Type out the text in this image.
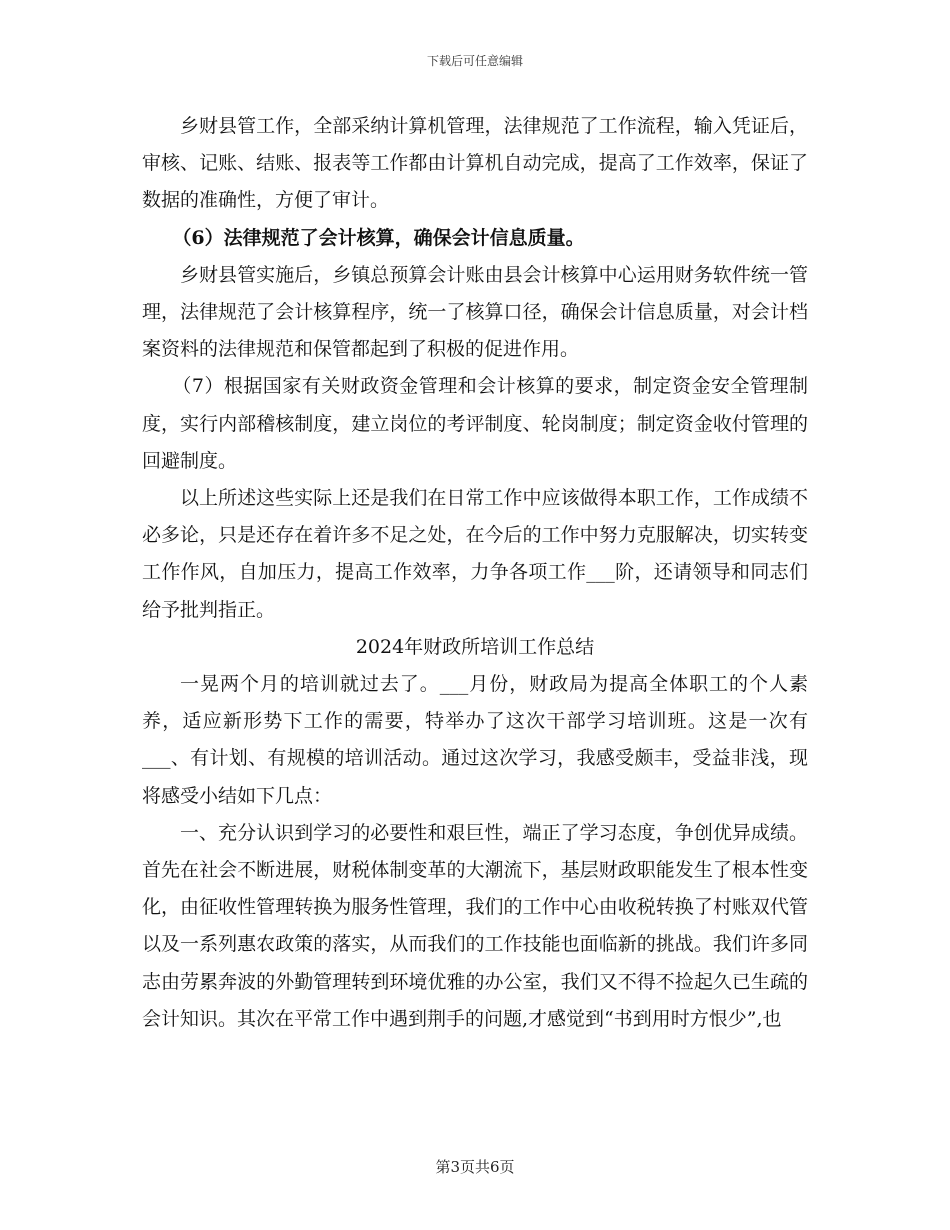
下载后可任意编辑

乡财县管工作，全部采纳计算机管理，法律规范了工作流程，输入凭证后，审核、记账、结账、报表等工作都由计算机自动完成，提高了工作效率，保证了数据的准确性，方便了审计。

（6）法律规范了会计核算，确保会计信息质量。

乡财县管实施后，乡镇总预算会计账由县会计核算中心运用财务软件统一管理，法律规范了会计核算程序，统一了核算口径，确保会计信息质量，对会计档案资料的法律规范和保管都起到了积极的促进作用。

（7）根据国家有关财政资金管理和会计核算的要求，制定资金安全管理制度，实行内部稽核制度，建立岗位的考评制度、轮岗制度；制定资金收付管理的回避制度。

以上所述这些实际上还是我们在日常工作中应该做得本职工作，工作成绩不必多论，只是还存在着许多不足之处，在今后的工作中努力克服解决，切实转变工作作风，自加压力，提高工作效率，力争各项工作___阶，还请领导和同志们给予批判指正。

2024年财政所培训工作总结

一晃两个月的培训就过去了。___月份，财政局为提高全体职工的个人素养，适应新形势下工作的需要，特举办了这次干部学习培训班。这是一次有___、有计划、有规模的培训活动。通过这次学习，我感受颇丰，受益非浅，现将感受小结如下几点：

一、充分认识到学习的必要性和艰巨性，端正了学习态度，争创优异成绩。首先在社会不断进展，财税体制变革的大潮流下，基层财政职能发生了根本性变化，由征收性管理转换为服务性管理，我们的工作中心由收税转换了村账双代管以及一系列惠农政策的落实，从而我们的工作技能也面临新的挑战。我们许多同志由劳累奔波的外勤管理转到环境优雅的办公室，我们又不得不捡起久已生疏的会计知识。其次在平常工作中遇到荆手的问题,才感觉到“书到用时方恨少”,也

第3页共6页
